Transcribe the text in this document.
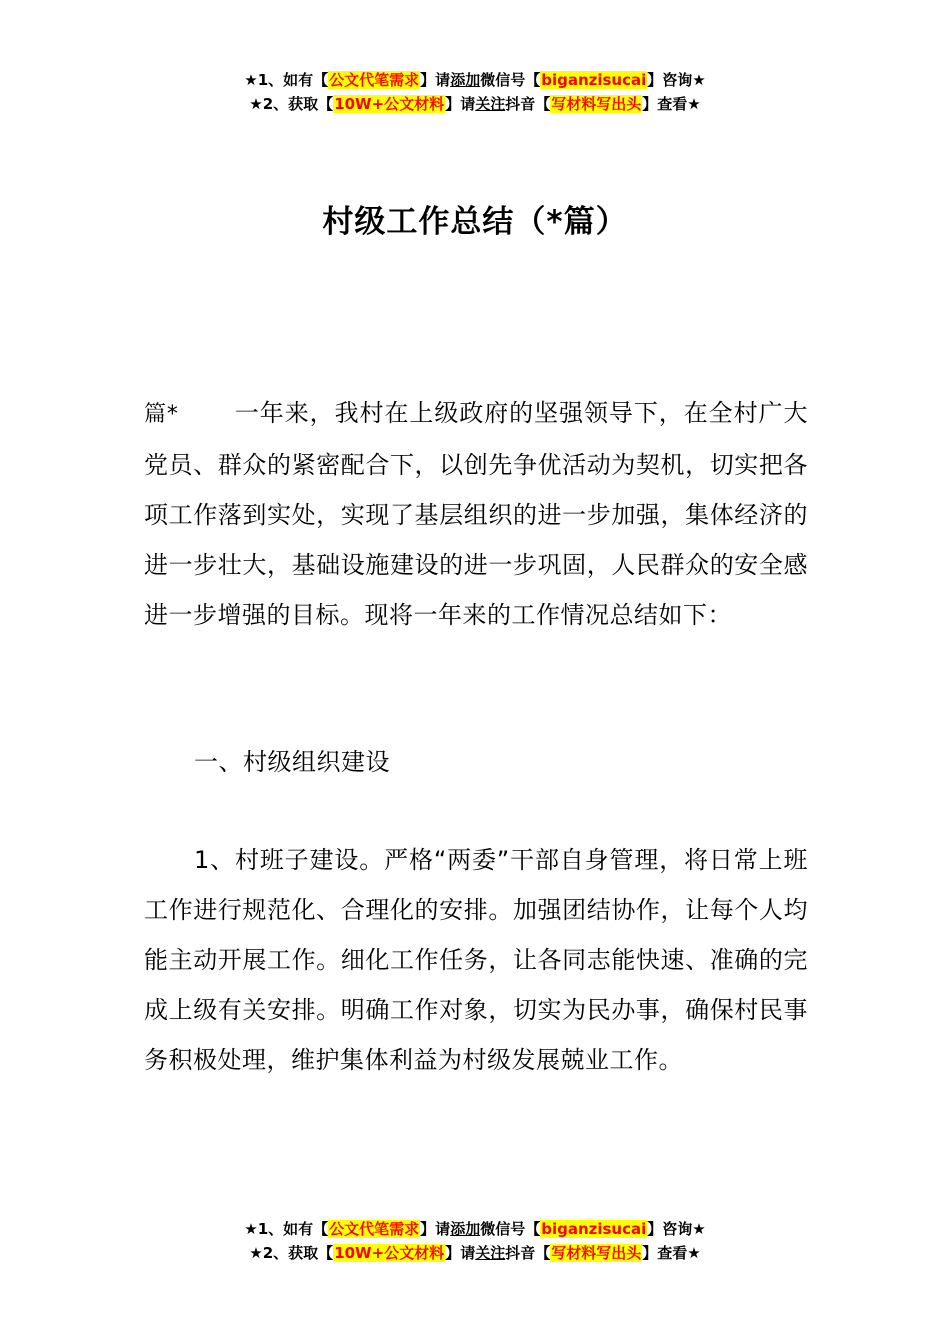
★1、如有【公文代笔需求】请添加微信号【biganzisucai】咨询★
★2、获取【10W+公文材料】请关注抖音【写材料写出头】查看★
村级工作总结（*篇）
篇* 一年来，我村在上级政府的坚强领导下，在全村广大党员、群众的紧密配合下，以创先争优活动为契机，切实把各项工作落到实处，实现了基层组织的进一步加强，集体经济的进一步壮大，基础设施建设的进一步巩固，人民群众的安全感进一步增强的目标。现将一年来的工作情况总结如下：
一、村级组织建设
1、村班子建设。严格“两委”干部自身管理，将日常上班工作进行规范化、合理化的安排。加强团结协作，让每个人均能主动开展工作。细化工作任务，让各同志能快速、准确的完成上级有关安排。明确工作对象，切实为民办事，确保村民事务积极处理，维护集体利益为村级发展兢业工作。
★1、如有【公文代笔需求】请添加微信号【biganzisucai】咨询★
★2、获取【10W+公文材料】请关注抖音【写材料写出头】查看★
